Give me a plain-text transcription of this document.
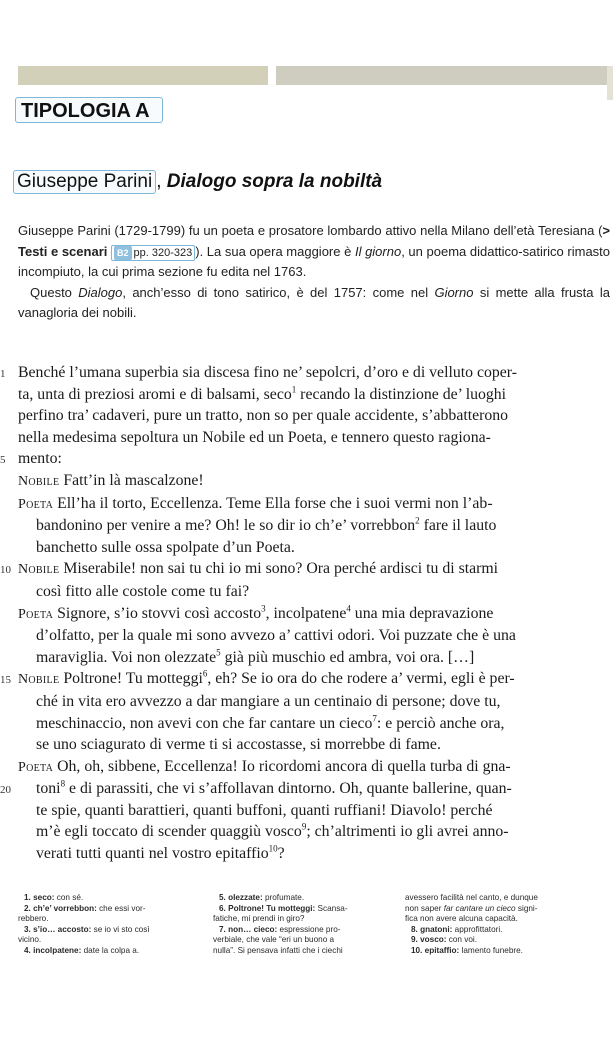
TIPOLOGIA A
Giuseppe Parini , Dialogo sopra la nobiltà

Giuseppe Parini (1729-1799) fu un poeta e prosatore lombardo attivo nella Milano dell’età Teresiana (> Testi e scenari B2 pp. 320-323 ). La sua opera maggiore è Il giorno, un poema didattico-satirico rimasto incompiuto, la cui prima sezione fu edita nel 1763.

Questo Dialogo, anch’esso di tono satirico, è del 1757: come nel Giorno si mette alla frusta la vanagloria dei nobili.

1 Benché l’umana superbia sia discesa fino ne’ sepolcri, d’oro e di velluto coper-
ta, unta di preziosi aromi e di balsami, seco$^1$ recando la distinzione de’ luoghi
perfino tra’ cadaveri, pure un tratto, non so per quale accidente, s’abbatterono
nella medesima sepoltura un Nobile ed un Poeta, e tennero questo ragiona-
5 mento:
Nobile Fatt’in là mascalzone!
Poeta Ell’ha il torto, Eccellenza. Teme Ella forse che i suoi vermi non l’ab-
bandonino per venire a me? Oh! le so dir io ch’e’ vorrebbon$^2$ fare il lauto
banchetto sulle ossa spolpate d’un Poeta.
10 Nobile Miserabile! non sai tu chi io mi sono? Ora perché ardisci tu di starmi
così fitto alle costole come tu fai?
Poeta Signore, s’io stovvi così accosto$^3$, incolpatene$^4$ una mia depravazione
d’olfatto, per la quale mi sono avvezo a’ cattivi odori. Voi puzzate che è una
maraviglia. Voi non olezzate$^5$ già più muschio ed ambra, voi ora. […]
15 Nobile Poltrone! Tu motteggi$^6$, eh? Se io ora do che rodere a’ vermi, egli è per-
ché in vita ero avvezzo a dar mangiare a un centinaio di persone; dove tu,
meschinaccio, non avevi con che far cantare un cieco$^7$: e perciò anche ora,
se uno sciagurato di verme ti si accostasse, si morrebbe di fame.
Poeta Oh, oh, sibbene, Eccellenza! Io ricordomi ancora di quella turba di gna-
20 toni$^8$ e di parassiti, che vi s’affollavan dintorno. Oh, quante ballerine, quan-
te spie, quanti barattieri, quanti buffoni, quanti ruffiani! Diavolo! perché
m’è egli toccato di scender quaggiù vosco$^9$; ch’altrimenti io gli avrei anno-
verati tutti quanti nel vostro epitaffio$^{10}$?
1. seco: con sé.
2. ch’e’ vorrebbon: che essi vor-
rebbero.
3. s’io… accosto: se io vi sto così
vicino.
4. incolpatene: date la colpa a.
5. olezzate: profumate.
6. Poltrone! Tu motteggi: Scansa-
fatiche, mi prendi in giro?
7. non… cieco: espressione pro-
verbiale, che vale “eri un buono a
nulla”. Si pensava infatti che i ciechi
avessero facilità nel canto, e dunque
non saper far cantare un cieco signi-
fica non avere alcuna capacità.
8. gnatoni: approfittatori.
9. vosco: con voi.
10. epitaffio: lamento funebre.
